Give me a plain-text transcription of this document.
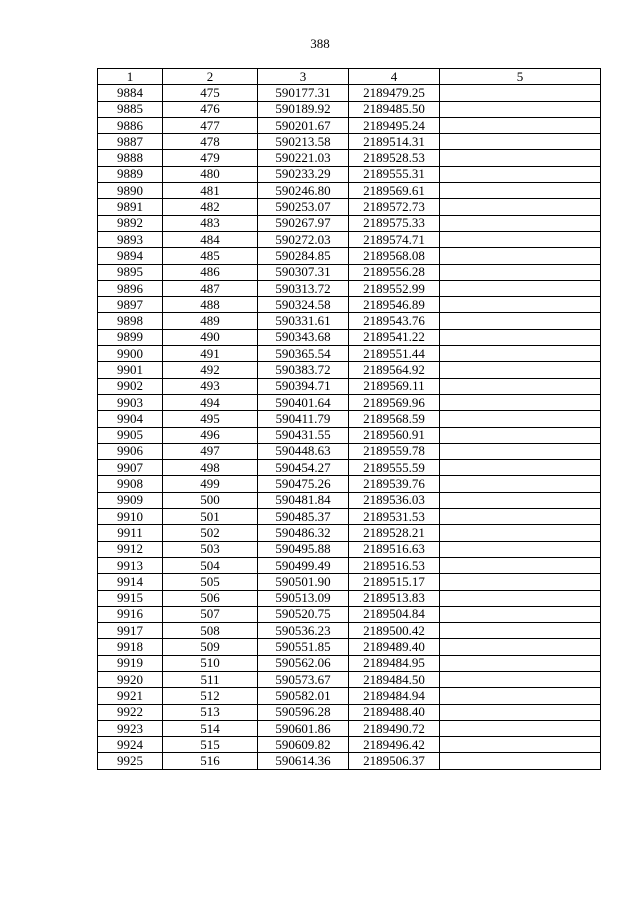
388
1	2	3	4	5
9884	475	590177.31	2189479.25	
9885	476	590189.92	2189485.50	
9886	477	590201.67	2189495.24	
9887	478	590213.58	2189514.31	
9888	479	590221.03	2189528.53	
9889	480	590233.29	2189555.31	
9890	481	590246.80	2189569.61	
9891	482	590253.07	2189572.73	
9892	483	590267.97	2189575.33	
9893	484	590272.03	2189574.71	
9894	485	590284.85	2189568.08	
9895	486	590307.31	2189556.28	
9896	487	590313.72	2189552.99	
9897	488	590324.58	2189546.89	
9898	489	590331.61	2189543.76	
9899	490	590343.68	2189541.22	
9900	491	590365.54	2189551.44	
9901	492	590383.72	2189564.92	
9902	493	590394.71	2189569.11	
9903	494	590401.64	2189569.96	
9904	495	590411.79	2189568.59	
9905	496	590431.55	2189560.91	
9906	497	590448.63	2189559.78	
9907	498	590454.27	2189555.59	
9908	499	590475.26	2189539.76	
9909	500	590481.84	2189536.03	
9910	501	590485.37	2189531.53	
9911	502	590486.32	2189528.21	
9912	503	590495.88	2189516.63	
9913	504	590499.49	2189516.53	
9914	505	590501.90	2189515.17	
9915	506	590513.09	2189513.83	
9916	507	590520.75	2189504.84	
9917	508	590536.23	2189500.42	
9918	509	590551.85	2189489.40	
9919	510	590562.06	2189484.95	
9920	511	590573.67	2189484.50	
9921	512	590582.01	2189484.94	
9922	513	590596.28	2189488.40	
9923	514	590601.86	2189490.72	
9924	515	590609.82	2189496.42	
9925	516	590614.36	2189506.37	
